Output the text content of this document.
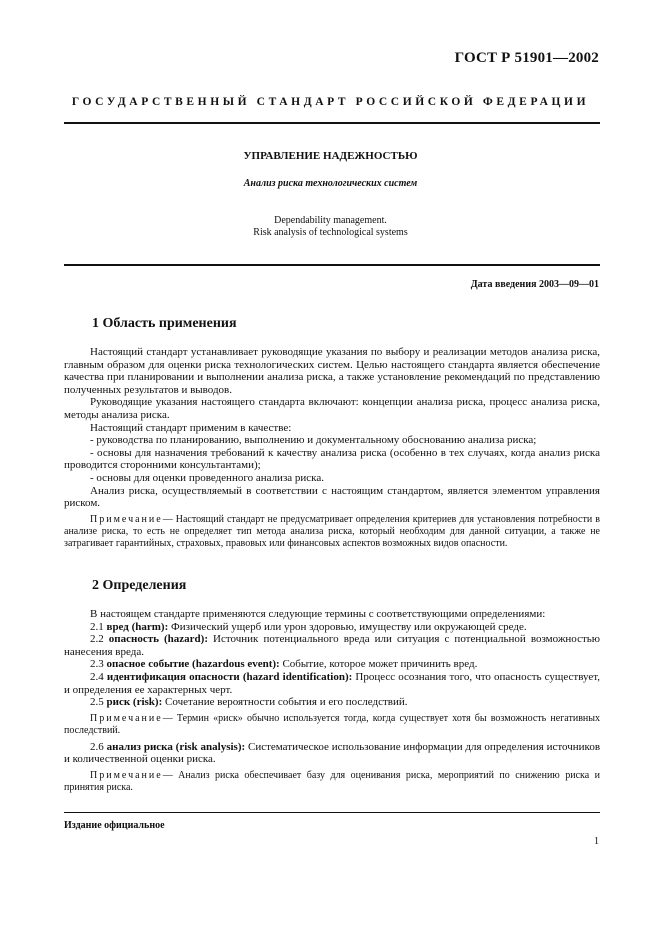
ГОСТ Р 51901—2002
ГОСУДАРСТВЕННЫЙ СТАНДАРТ РОССИЙСКОЙ ФЕДЕРАЦИИ
УПРАВЛЕНИЕ НАДЕЖНОСТЬЮ
Анализ риска технологических систем
Dependability management.
Risk analysis of technological systems
Дата введения 2003—09—01
1 Область применения

Настоящий стандарт устанавливает руководящие указания по выбору и реализации методов анализа риска, главным образом для оценки риска технологических систем. Целью настоящего стандарта является обеспечение качества при планировании и выполнении анализа риска, а также установление рекомендаций по представлению полученных результатов и выводов.

Руководящие указания настоящего стандарта включают: концепции анализа риска, процесс анализа риска, методы анализа риска.

Настоящий стандарт применим в качестве:

- руководства по планированию, выполнению и документальному обоснованию анализа риска;

- основы для назначения требований к качеству анализа риска (особенно в тех случаях, когда анализ риска проводится сторонними консультантами);

- основы для оценки проведенного анализа риска.

Анализ риска, осуществляемый в соответствии с настоящим стандартом, является элементом управления риском.

Примечание— Настоящий стандарт не предусматривает определения критериев для установления потребности в анализе риска, то есть не определяет тип метода анализа риска, который необходим для данной ситуации, а также не затрагивает гарантийных, страховых, правовых или финансовых аспектов возможных видов опасности.

2 Определения

В настоящем стандарте применяются следующие термины с соответствующими определениями:

2.1 вред (harm): Физический ущерб или урон здоровью, имуществу или окружающей среде.

2.2 опасность (hazard): Источник потенциального вреда или ситуация с потенциальной возможностью нанесения вреда.

2.3 опасное событие (hazardous event): Событие, которое может причинить вред.

2.4 идентификация опасности (hazard identification): Процесс осознания того, что опасность существует, и определения ее характерных черт.

2.5 риск (risk): Сочетание вероятности события и его последствий.

Примечание— Термин «риск» обычно используется тогда, когда существует хотя бы возможность негативных последствий.

2.6 анализ риска (risk analysis): Систематическое использование информации для определения источников и количественной оценки риска.

Примечание— Анализ риска обеспечивает базу для оценивания риска, мероприятий по снижению риска и принятия риска.

Издание официальное
1
